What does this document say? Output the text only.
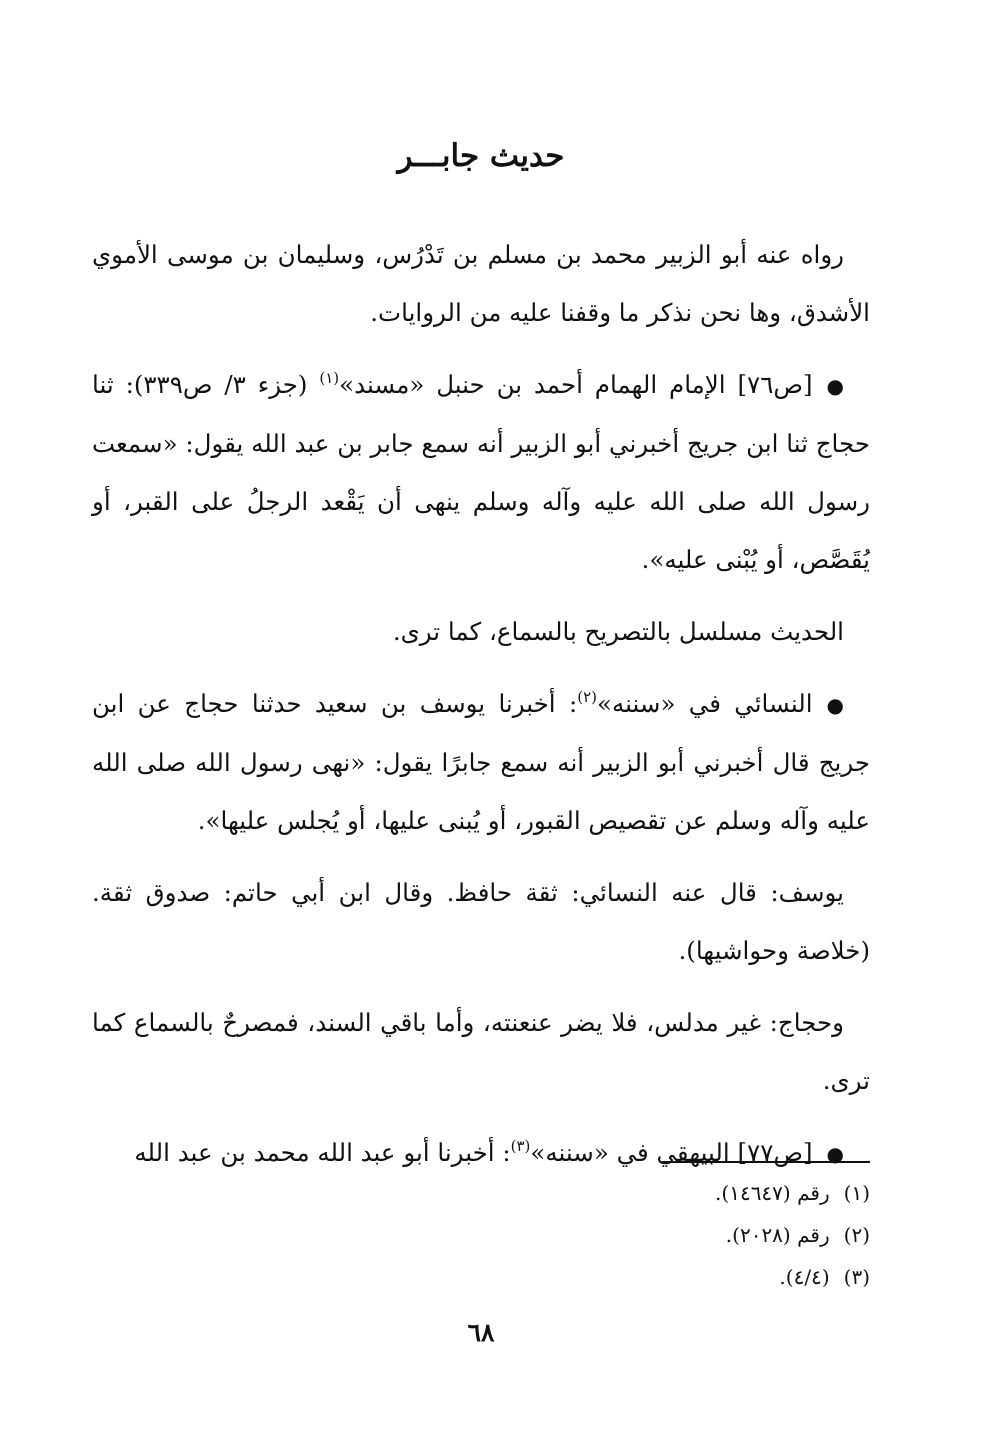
حديث جابـــر

رواه عنه أبو الزبير محمد بن مسلم بن تَدْرُس، وسليمان بن موسى الأموي الأشدق، وها نحن نذكر ما وقفنا عليه من الروايات.

●[ص٧٦] الإمام الهمام أحمد بن حنبل «مسند»$^{(١)}$ (جزء ٣/ ص٣٣٩): ثنا حجاج ثنا ابن جريج أخبرني أبو الزبير أنه سمع جابر بن عبد الله يقول: «سمعت رسول الله صلى الله عليه وآله وسلم ينهى أن يَقْعد الرجلُ على القبر، أو يُقَصَّص، أو يُبْنى عليه».

الحديث مسلسل بالتصريح بالسماع، كما ترى.

●النسائي في «سننه»$^{(٢)}$: أخبرنا يوسف بن سعيد حدثنا حجاج عن ابن جريج قال أخبرني أبو الزبير أنه سمع جابرًا يقول: «نهى رسول الله صلى الله عليه وآله وسلم عن تقصيص القبور، أو يُبنى عليها، أو يُجلس عليها».

يوسف: قال عنه النسائي: ثقة حافظ. وقال ابن أبي حاتم: صدوق ثقة. (خلاصة وحواشيها).

وحجاج: غير مدلس، فلا يضر عنعنته، وأما باقي السند، فمصرحٌ بالسماع كما ترى.

●[ص٧٧] البيهقي في «سننه»$^{(٣)}$: أخبرنا أبو عبد الله محمد بن عبد الله

(١)رقم (١٤٦٤٧).
(٢)رقم (٢٠٢٨).
(٣)(٤/٤).
٦٨
